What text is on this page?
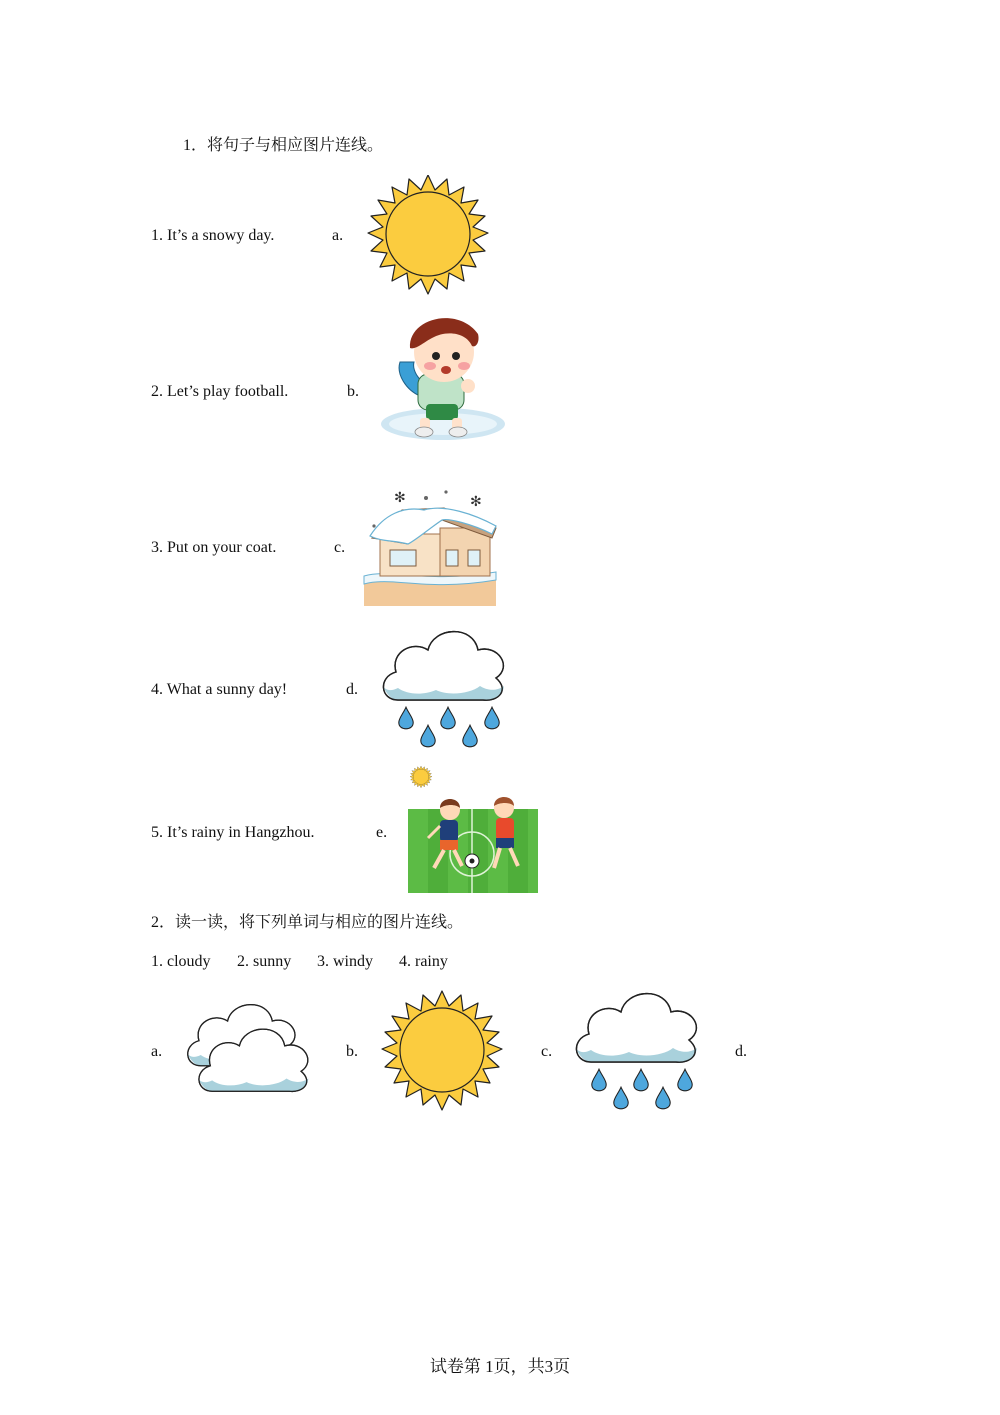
1．将句子与相应图片连线。
1. It’s a snowy day.	a.
2. Let’s play football.	b.
3. Put on your coat.	c.
✻	✻
4. What a sunny day!	d.
5. It’s rainy in Hangzhou.	e.
2．读一读，将下列单词与相应的图片连线。
1. cloudy 2. sunny 3. windy 4. rainy
a.	b.	c.	d.
试卷第 1页，共3页
